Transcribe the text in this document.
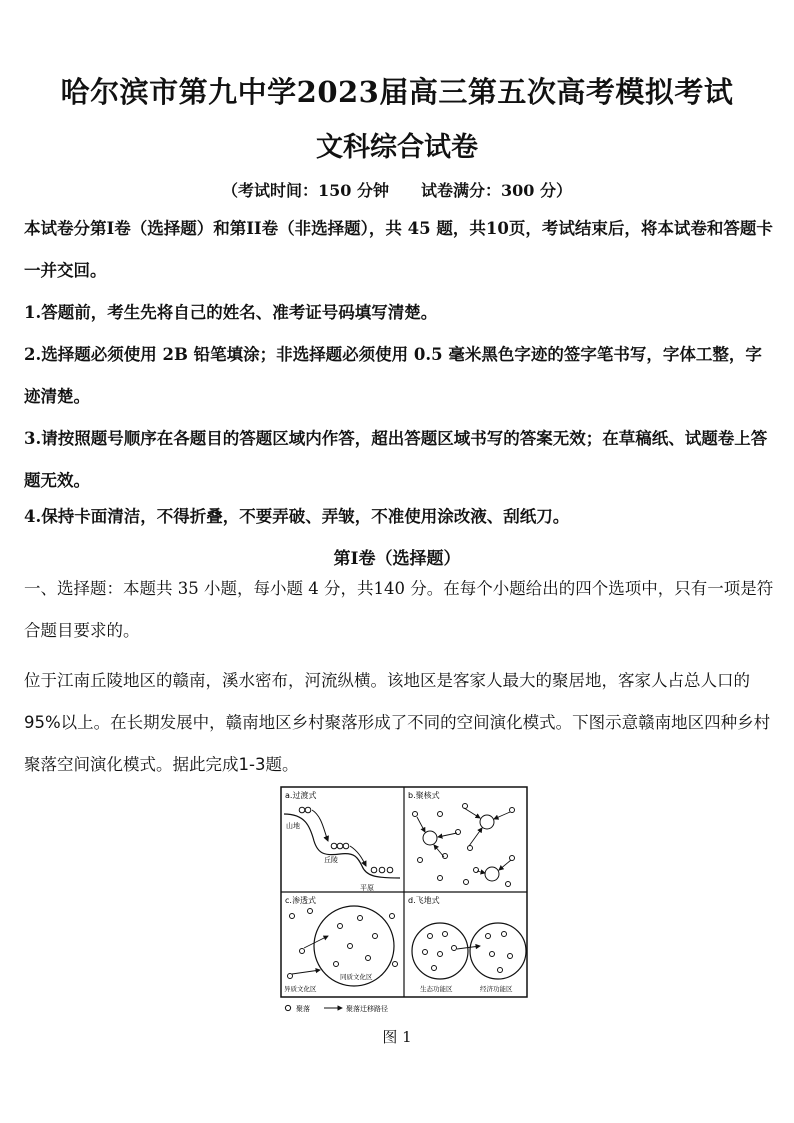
哈尔滨市第九中学2023届高三第五次高考模拟考试
文科综合试卷
（考试时间：150 分钟　　试卷满分：300 分）
本试卷分第I卷（选择题）和第II卷（非选择题），共 45 题，共10页，考试结束后，将本试卷和答题卡一并交回。
1.答题前，考生先将自己的姓名、准考证号码填写清楚。
2.选择题必须使用 2B 铅笔填涂；非选择题必须使用 0.5 毫米黑色字迹的签字笔书写，字体工整，字迹清楚。
3.请按照题号顺序在各题目的答题区域内作答，超出答题区域书写的答案无效；在草稿纸、试题卷上答题无效。
4.保持卡面清洁，不得折叠，不要弄破、弄皱，不准使用涂改液、刮纸刀。
第I卷（选择题）
一、选择题：本题共 35 小题，每小题 4 分，共140 分。在每个小题给出的四个选项中，只有一项是符合题目要求的。
位于江南丘陵地区的赣南，溪水密布，河流纵横。该地区是客家人最大的聚居地，客家人占总人口的95%以上。在长期发展中，赣南地区乡村聚落形成了不同的空间演化模式。下图示意赣南地区四种乡村聚落空间演化模式。据此完成1-3题。
a.过渡式
山地
丘陵
平原
b.聚核式
c.渗透式
异质文化区
同质文化区
d.飞地式
生态功能区	经济功能区
聚落	聚落迁移路径
图 1
